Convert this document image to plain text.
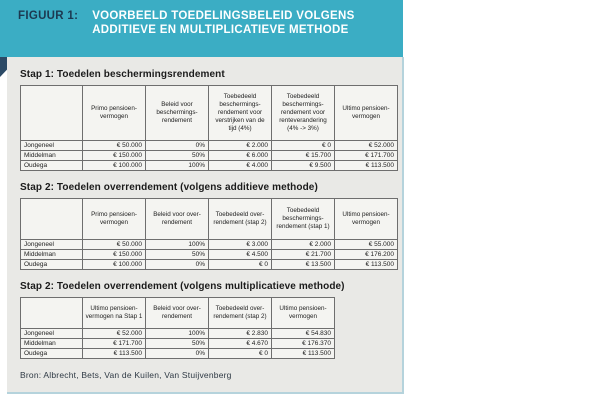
FIGUUR 1: VOORBEELD TOEDELINGSBELEID VOLGENS
ADDITIEVE EN MULTIPLICATIEVE METHODE
Stap 1: Toedelen beschermingsrendement
	Primo pensioen-vermogen	Beleid voor beschermings-rendement	Toebedeeld beschermings-rendement voor verstrijken van de tijd (4%)	Toebedeeld beschermings-rendement voor renteverandering (4% -> 3%)	Ultimo pensioen-vermogen
Jongeneel	€ 50.000	0%	€ 2.000	€ 0	€ 52.000
Middelman	€ 150.000	50%	€ 6.000	€ 15.700	€ 171.700
Oudega	€ 100.000	100%	€ 4.000	€ 9.500	€ 113.500
Stap 2: Toedelen overrendement (volgens additieve methode)
	Primo pensioen-vermogen	Beleid voor over-rendement	Toebedeeld over-rendement (stap 2)	Toebedeeld beschermings-rendement (stap 1)	Ultimo pensioen-vermogen
Jongeneel	€ 50.000	100%	€ 3.000	€ 2.000	€ 55.000
Middelman	€ 150.000	50%	€ 4.500	€ 21.700	€ 176.200
Oudega	€ 100.000	0%	€ 0	€ 13.500	€ 113.500
Stap 2: Toedelen overrendement (volgens multiplicatieve methode)
	Ultimo pensioen-vermogen na Stap 1	Beleid voor over-rendement	Toebedeeld over-rendement (stap 2)	Ultimo pensioen-vermogen
Jongeneel	€ 52.000	100%	€ 2.830	€ 54.830
Middelman	€ 171.700	50%	€ 4.670	€ 176.370
Oudega	€ 113.500	0%	€ 0	€ 113.500
Bron: Albrecht, Bets, Van de Kuilen, Van Stuijvenberg
